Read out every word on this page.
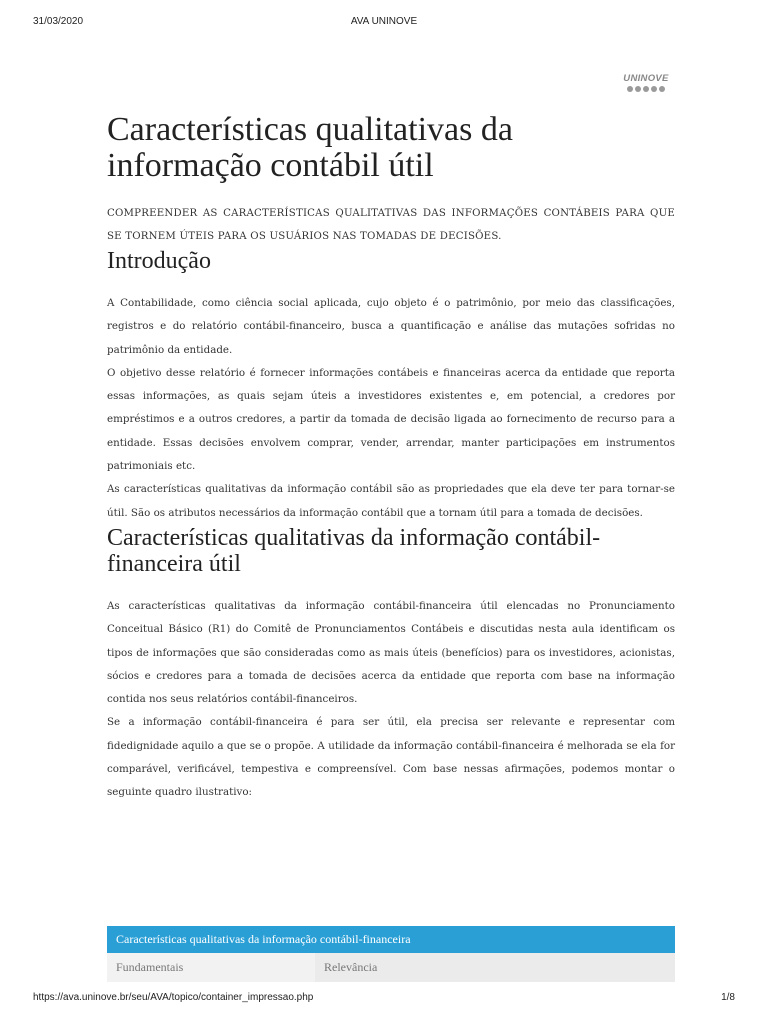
31/03/2020	AVA UNINOVE
UNINOVE
Características qualitativas da informação contábil útil
COMPREENDER AS CARACTERÍSTICAS QUALITATIVAS DAS INFORMAÇÕES CONTÁBEIS PARA QUE SE TORNEM ÚTEIS PARA OS USUÁRIOS NAS TOMADAS DE DECISÕES.
Introdução

A Contabilidade, como ciência social aplicada, cujo objeto é o patrimônio, por meio das classificações, registros e do relatório contábil-financeiro, busca a quantificação e análise das mutações sofridas no patrimônio da entidade.

O objetivo desse relatório é fornecer informações contábeis e financeiras acerca da entidade que reporta essas informações, as quais sejam úteis a investidores existentes e, em potencial, a credores por empréstimos e a outros credores, a partir da tomada de decisão ligada ao fornecimento de recurso para a entidade. Essas decisões envolvem comprar, vender, arrendar, manter participações em instrumentos patrimoniais etc.

As características qualitativas da informação contábil são as propriedades que ela deve ter para tornar-se útil. São os atributos necessários da informação contábil que a tornam útil para a tomada de decisões.

Características qualitativas da informação contábil-financeira útil

As características qualitativas da informação contábil-financeira útil elencadas no Pronunciamento Conceitual Básico (R1) do Comitê de Pronunciamentos Contábeis e discutidas nesta aula identificam os tipos de informações que são consideradas como as mais úteis (benefícios) para os investidores, acionistas, sócios e credores para a tomada de decisões acerca da entidade que reporta com base na informação contida nos seus relatórios contábil-financeiros.

Se a informação contábil-financeira é para ser útil, ela precisa ser relevante e representar com fidedignidade aquilo a que se o propõe. A utilidade da informação contábil-financeira é melhorada se ela for comparável, verificável, tempestiva e compreensível. Com base nessas afirmações, podemos montar o seguinte quadro ilustrativo:

Características qualitativas da informação contábil-financeira
Fundamentais	Relevância
https://ava.uninove.br/seu/AVA/topico/container_impressao.php	1/8
